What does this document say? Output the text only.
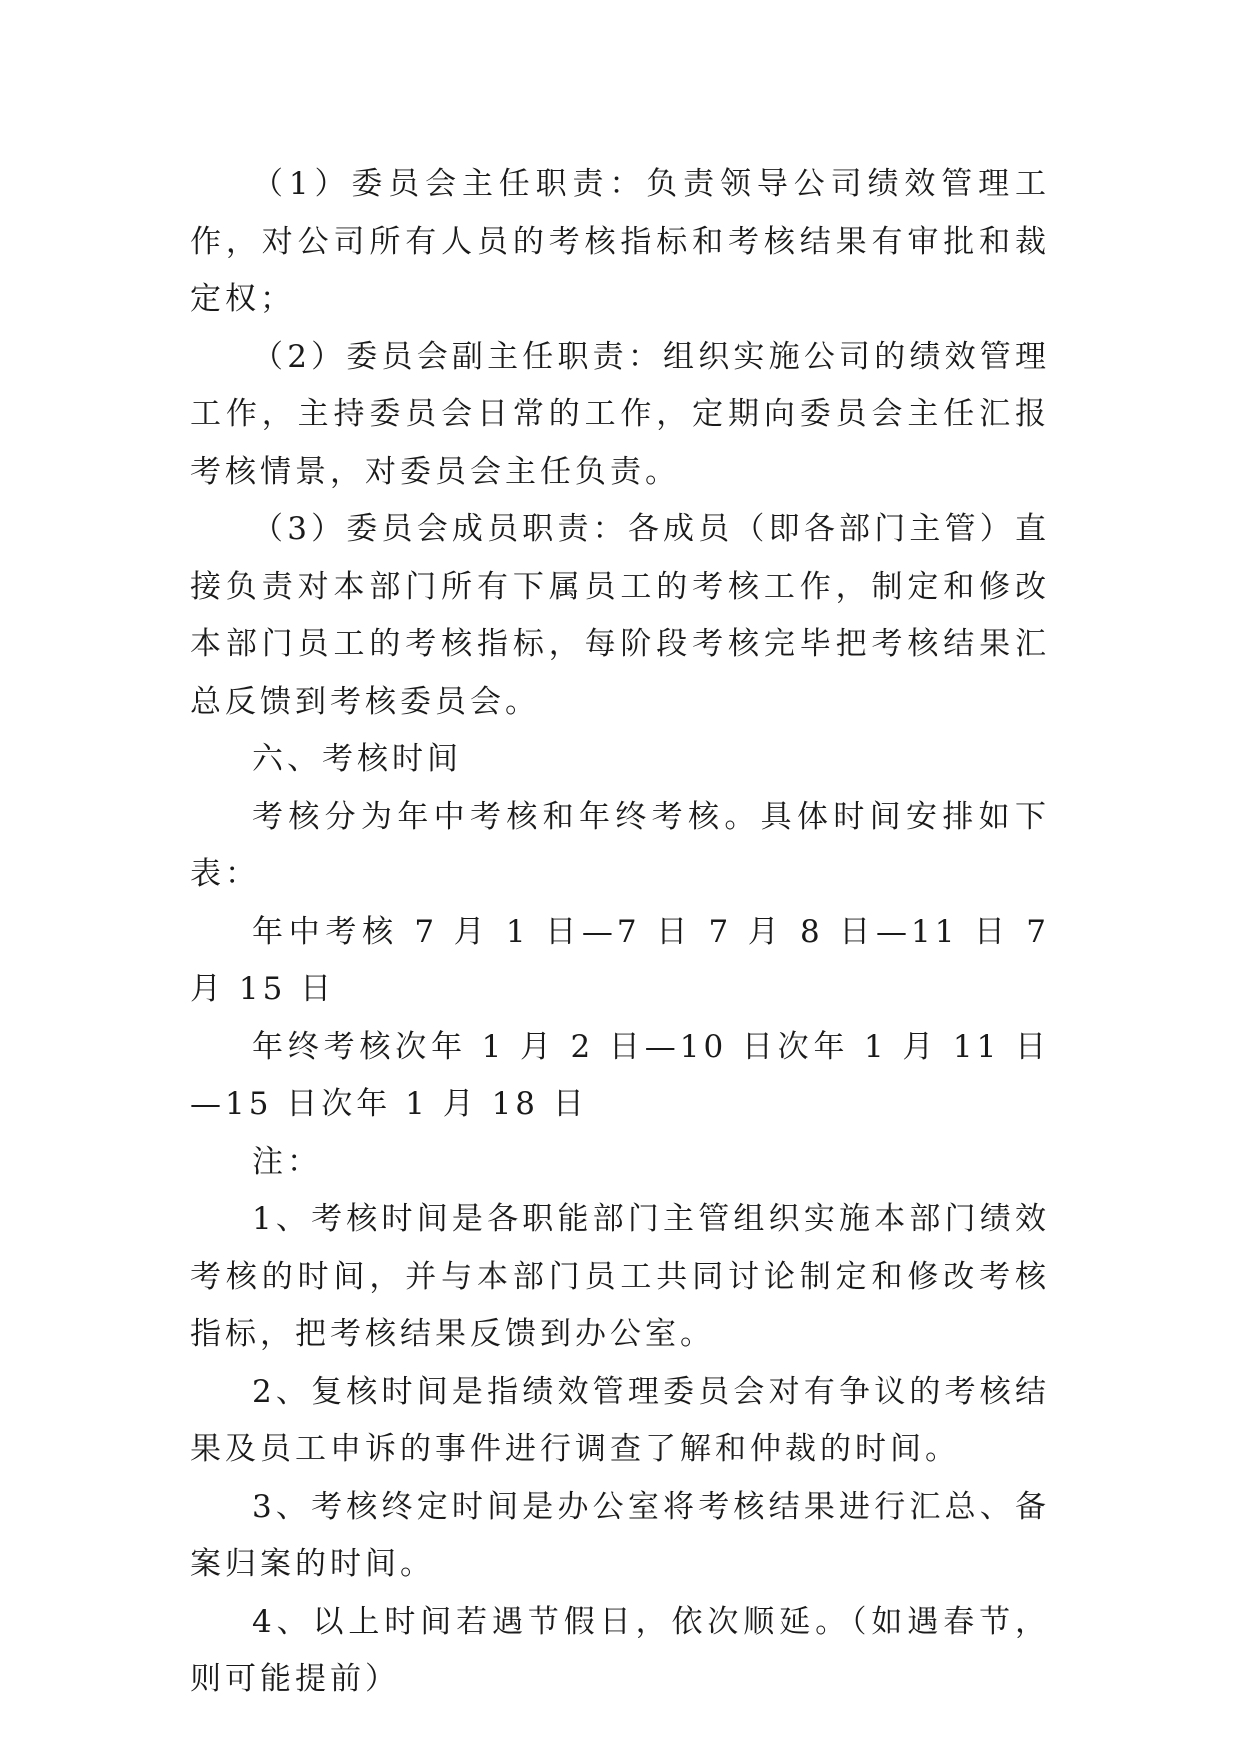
（1）委员会主任职责：负责领导公司绩效管理工作，对公司所有人员的考核指标和考核结果有审批和裁定权；

（2）委员会副主任职责：组织实施公司的绩效管理工作，主持委员会日常的工作，定期向委员会主任汇报考核情景，对委员会主任负责。

（3）委员会成员职责：各成员（即各部门主管）直接负责对本部门所有下属员工的考核工作，制定和修改本部门员工的考核指标，每阶段考核完毕把考核结果汇总反馈到考核委员会。

六、考核时间

考核分为年中考核和年终考核。具体时间安排如下表：

年中考核 7 月 1 日—7 日 7 月 8 日—11 日 7 月 15 日

年终考核次年 1 月 2 日—10 日次年 1 月 11 日—15 日次年 1 月 18 日

注：

1、考核时间是各职能部门主管组织实施本部门绩效考核的时间，并与本部门员工共同讨论制定和修改考核指标，把考核结果反馈到办公室。

2、复核时间是指绩效管理委员会对有争议的考核结果及员工申诉的事件进行调查了解和仲裁的时间。

3、考核终定时间是办公室将考核结果进行汇总、备案归案的时间。

4、以上时间若遇节假日，依次顺延。（如遇春节，则可能提前）
